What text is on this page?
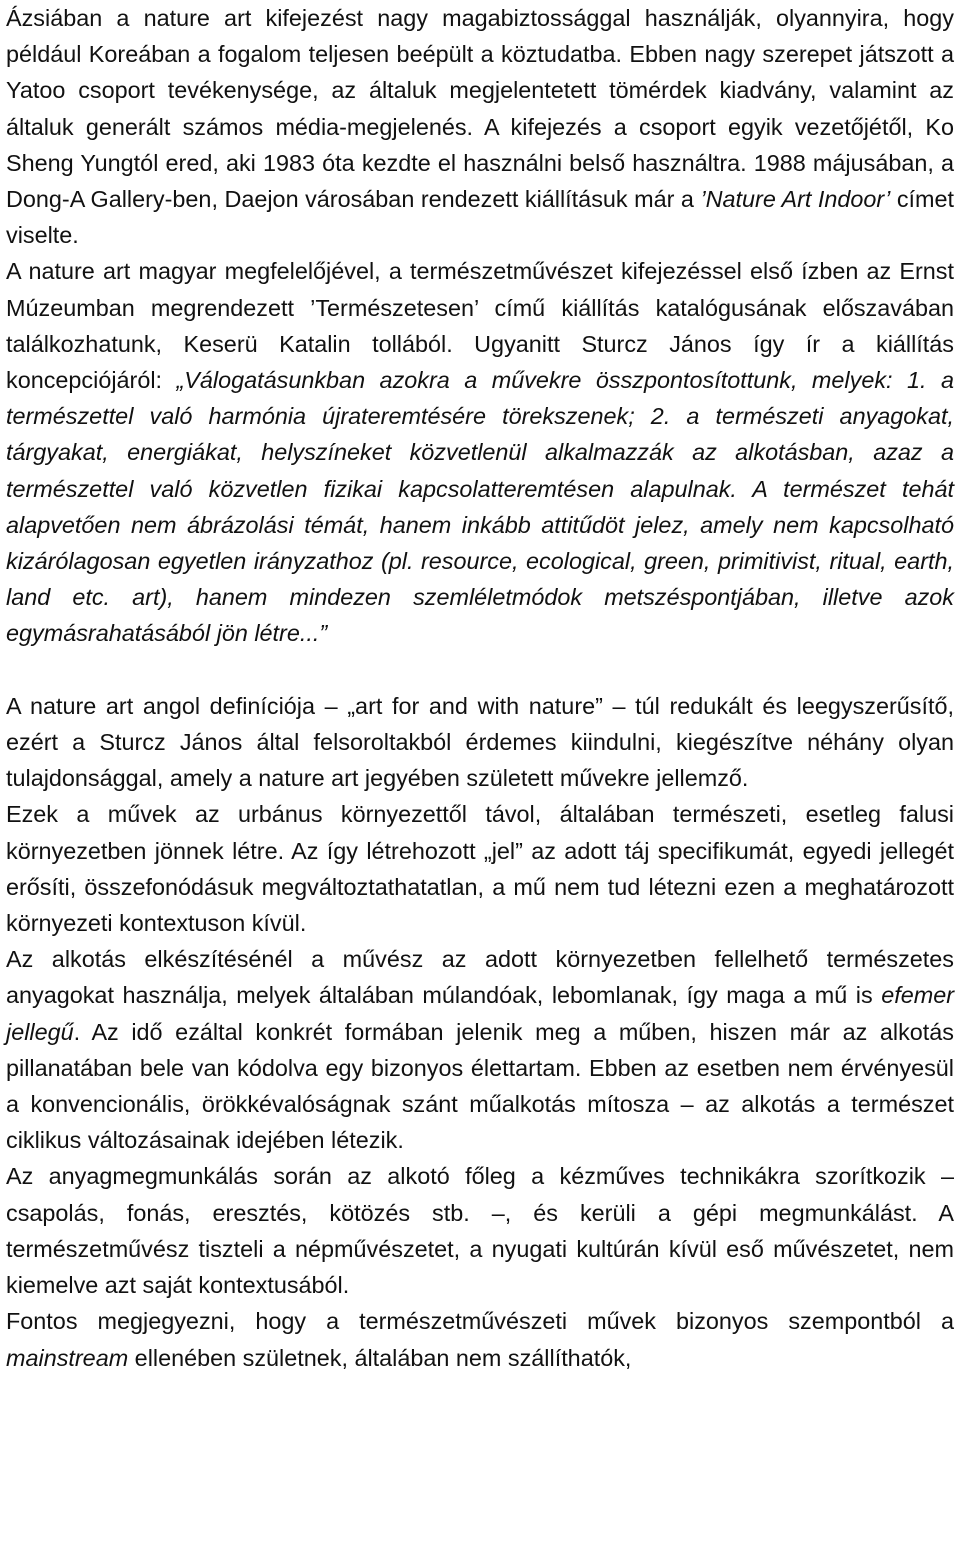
Ázsiában a nature art kifejezést nagy magabiztossággal használják, olyannyira, hogy például Koreában a fogalom teljesen beépült a köztudatba. Ebben nagy szerepet játszott a Yatoo csoport tevékenysége, az általuk megjelentetett tömérdek kiadvány, valamint az általuk generált számos média-megjelenés. A kifejezés a csoport egyik vezetőjétől, Ko Sheng Yungtól ered, aki 1983 óta kezdte el használni belső használtra. 1988 májusában, a Dong-A Gallery-ben, Daejon városában rendezett kiállításuk már a ’Nature Art Indoor’ címet viselte.

A nature art magyar megfelelőjével, a természetművészet kifejezéssel első ízben az Ernst Múzeumban megrendezett ’Természetesen’ című kiállítás katalógusának előszavában találkozhatunk, Keserü Katalin tollából. Ugyanitt Sturcz János így ír a kiállítás koncepciójáról: „Válogatásunkban azokra a művekre összpontosítottunk, melyek: 1. a természettel való harmónia újrateremtésére törekszenek; 2. a természeti anyagokat, tárgyakat, energiákat, helyszíneket közvetlenül alkalmazzák az alkotásban, azaz a természettel való közvetlen fizikai kapcsolatteremtésen alapulnak. A természet tehát alapvetően nem ábrázolási témát, hanem inkább attitűdöt jelez, amely nem kapcsolható kizárólagosan egyetlen irányzathoz (pl. resource, ecological, green, primitivist, ritual, earth, land etc. art), hanem mindezen szemléletmódok metszéspontjában, illetve azok egymásrahatásából jön létre...”

A nature art angol definíciója – „art for and with nature” – túl redukált és leegyszerűsítő, ezért a Sturcz János által felsoroltakból érdemes kiindulni, kiegészítve néhány olyan tulajdonsággal, amely a nature art jegyében született művekre jellemző.

Ezek a művek az urbánus környezettől távol, általában természeti, esetleg falusi környezetben jönnek létre. Az így létrehozott „jel” az adott táj specifikumát, egyedi jellegét erősíti, összefonódásuk megváltoztathatatlan, a mű nem tud létezni ezen a meghatározott környezeti kontextuson kívül.

Az alkotás elkészítésénél a művész az adott környezetben fellelhető természetes anyagokat használja, melyek általában múlandóak, lebomlanak, így maga a mű is efemer jellegű. Az idő ezáltal konkrét formában jelenik meg a műben, hiszen már az alkotás pillanatában bele van kódolva egy bizonyos élettartam. Ebben az esetben nem érvényesül a konvencionális, örökkévalóságnak szánt műalkotás mítosza – az alkotás a természet ciklikus változásainak idejében létezik.

Az anyagmegmunkálás során az alkotó főleg a kézműves technikákra szorítkozik – csapolás, fonás, eresztés, kötözés stb. –, és kerüli a gépi megmunkálást. A természetművész tiszteli a népművészetet, a nyugati kultúrán kívül eső művészetet, nem kiemelve azt saját kontextusából.

Fontos megjegyezni, hogy a természetművészeti művek bizonyos szempontból a mainstream ellenében születnek, általában nem szállíthatók,
